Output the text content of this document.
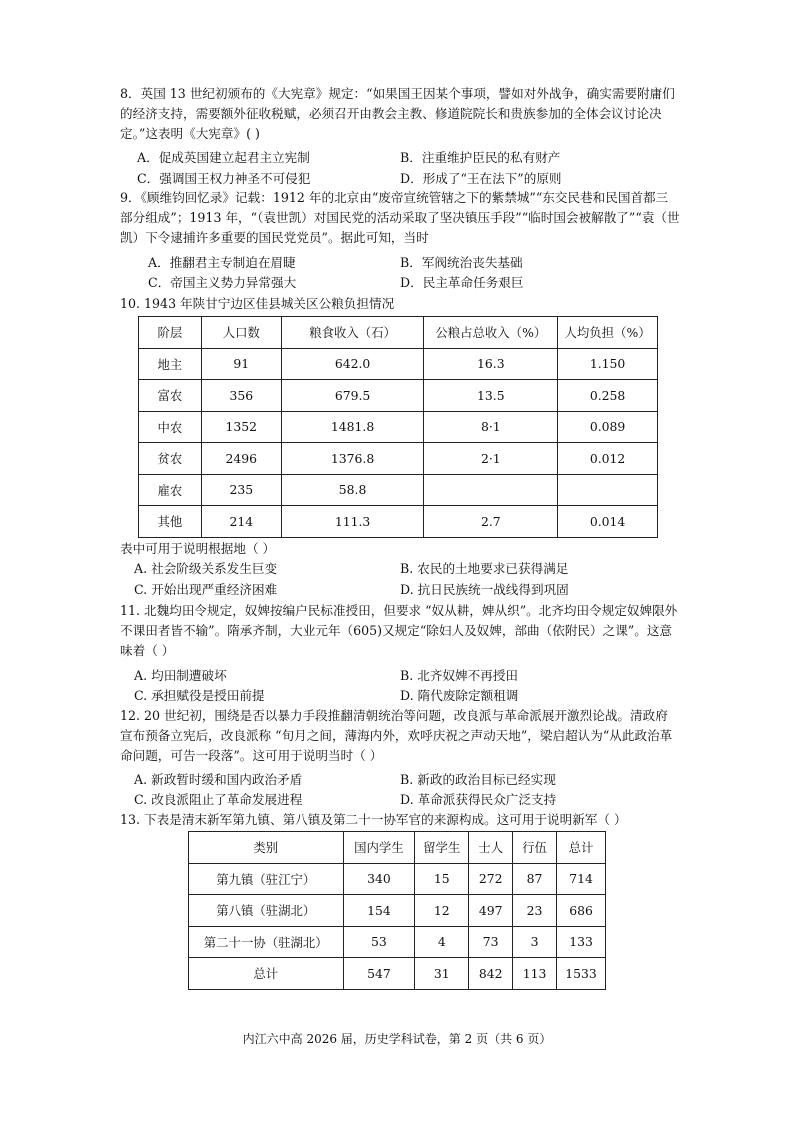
8．英国 13 世纪初颁布的《大宪章》规定：“如果国王因某个事项，譬如对外战争，确实需要附庸们的经济支持，需要额外征收税赋，必须召开由教会主教、修道院院长和贵族参加的全体会议讨论决定。”这表明《大宪章》( )

A．促成英国建立起君主立宪制	B．注重维护臣民的私有财产
C．强调国王权力神圣不可侵犯	D．形成了“王在法下”的原则

9．《顾维钧回忆录》记载：1912 年的北京由“废帝宣统管辖之下的紫禁城”“东交民巷和民国首都三部分组成”；1913 年，“（袁世凯）对国民党的活动采取了坚决镇压手段”“临时国会被解散了”“袁（世凯）下令逮捕许多重要的国民党党员”。据此可知，当时

A．推翻君主专制迫在眉睫	B．军阀统治丧失基础
C．帝国主义势力异常强大	D．民主革命任务艰巨
10. 1943 年陕甘宁边区佳县城关区公粮负担情况
阶层	人口数	粮食收入（石）	公粮占总收入（%）	人均负担（%）
地主	91	642.0	16.3	1.150
富农	356	679.5	13.5	0.258
中农	1352	1481.8	8·1	0.089
贫农	2496	1376.8	2·1	0.012
雇农	235	58.8		
其他	214	111.3	2.7	0.014
表中可用于说明根据地（ ）
A. 社会阶级关系发生巨变	B. 农民的土地要求已获得满足
C. 开始出现严重经济困难	D. 抗日民族统一战线得到巩固

11. 北魏均田令规定，奴婢按编户民标准授田，但要求 “奴从耕，婢从织”。北齐均田令规定奴婢限外不课田者皆不输”。隋承齐制，大业元年（605)又规定“除妇人及奴婢，部曲（依附民）之课”。这意味着（ ）

A. 均田制遭破坏	B. 北齐奴婢不再授田
C. 承担赋役是授田前提	D. 隋代废除定额租调

12. 20 世纪初，围绕是否以暴力手段推翻清朝统治等问题，改良派与革命派展开激烈论战。清政府宣布预备立宪后，改良派称 “旬月之间，薄海内外，欢呼庆祝之声动天地”，梁启超认为“从此政治革命问题，可告一段落”。这可用于说明当时（ ）

A. 新政暂时缓和国内政治矛盾	B. 新政的政治目标已经实现
C. 改良派阻止了革命发展进程	D. 革命派获得民众广泛支持
13. 下表是清末新军第九镇、第八镇及第二十一协军官的来源构成。这可用于说明新军（ ）
类别	国内学生	留学生	士人	行伍	总计
第九镇（驻江宁）	340	15	272	87	714
第八镇（驻湖北）	154	12	497	23	686
第二十一协（驻湖北）	53	4	73	3	133
总计	547	31	842	113	1533
内江六中高 2026 届，历史学科试卷，第 2 页（共 6 页）
